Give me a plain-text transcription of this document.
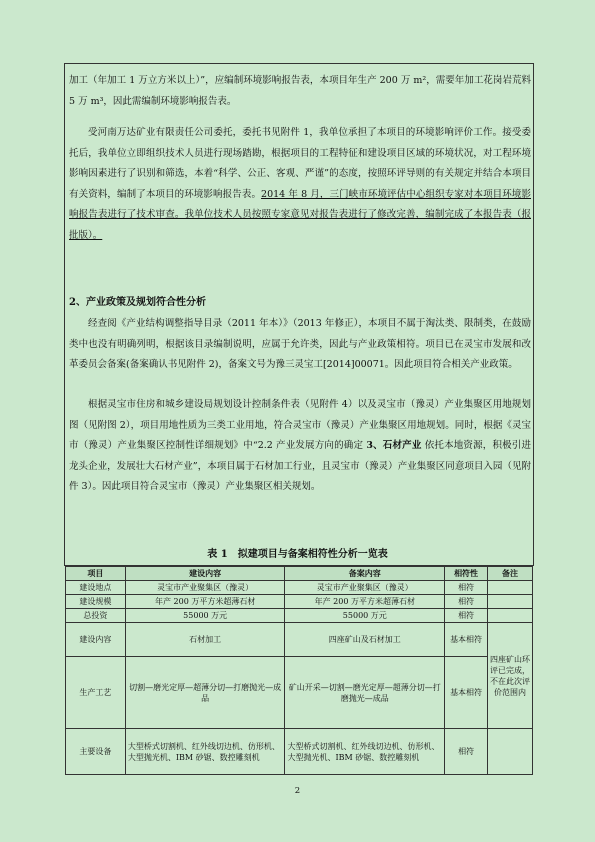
加工（年加工 1 万立方米以上）”，应编制环境影响报告表，本项目年生产 200 万 m²，需要年加工花岗岩荒料 5 万 m³，因此需编制环境影响报告表。
受河南万达矿业有限责任公司委托，委托书见附件 1，我单位承担了本项目的环境影响评价工作。接受委托后，我单位立即组织技术人员进行现场踏勘，根据项目的工程特征和建设项目区域的环境状况，对工程环境影响因素进行了识别和筛选，本着“科学、公正、客观、严谨”的态度，按照环评导则的有关规定并结合本项目有关资料，编制了本项目的环境影响报告表。2014 年 8 月，三门峡市环境评估中心组织专家对本项目环境影响报告表进行了技术审查。我单位技术人员按照专家意见对报告表进行了修改完善，编制完成了本报告表（报批版）。
2、产业政策及规划符合性分析
经查阅《产业结构调整指导目录（2011 年本）》（2013 年修正），本项目不属于淘汰类、限制类，在鼓励类中也没有明确列明，根据该目录编制说明，应属于允许类，因此与产业政策相符。项目已在灵宝市发展和改革委员会备案(备案确认书见附件 2)，备案文号为豫三灵宝工[2014]00071。因此项目符合相关产业政策。
根据灵宝市住房和城乡建设局规划设计控制条件表（见附件 4）以及灵宝市（豫灵）产业集聚区用地规划图（见附图 2），项目用地性质为三类工业用地，符合灵宝市（豫灵）产业集聚区用地规划。同时，根据《灵宝市（豫灵）产业集聚区控制性详细规划》中“2.2 产业发展方向的确定 3、石材产业 依托本地资源，积极引进龙头企业，发展壮大石材产业”，本项目属于石材加工行业，且灵宝市（豫灵）产业集聚区同意项目入园（见附件 3）。因此项目符合灵宝市（豫灵）产业集聚区相关规划。
表 1　拟建项目与备案相符性分析一览表
项目	建设内容	备案内容	相符性	备注
建设地点	灵宝市产业聚集区（豫灵）	灵宝市产业聚集区（豫灵）	相符	
建设规模	年产 200 万平方米超薄石材	年产 200 万平方米超薄石材	相符	
总投资	55000 万元	55000 万元	相符	
建设内容	石材加工	四座矿山及石材加工	基本相符	四座矿山环评已完成，不在此次评价范围内
生产工艺	切割—磨光定厚—超薄分切—打磨抛光—成品	矿山开采—切割—磨光定厚—超薄分切—打磨抛光—成品	基本相符	
主要设备	大型桥式切割机、红外线切边机、仿形机、大型抛光机、IBM 砂锯、数控雕刻机	大型桥式切割机、红外线切边机、仿形机、大型抛光机、IBM 砂锯、数控雕刻机	相符	
2
